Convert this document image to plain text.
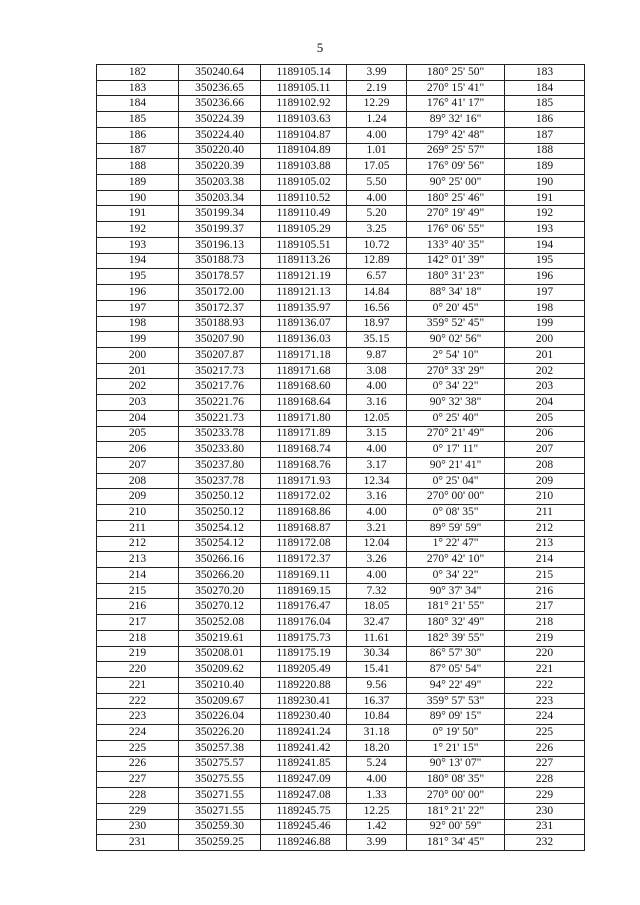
5
182	350240.64	1189105.14	3.99	180° 25' 50"	183
183	350236.65	1189105.11	2.19	270° 15' 41"	184
184	350236.66	1189102.92	12.29	176° 41' 17"	185
185	350224.39	1189103.63	1.24	89° 32' 16"	186
186	350224.40	1189104.87	4.00	179° 42' 48"	187
187	350220.40	1189104.89	1.01	269° 25' 57"	188
188	350220.39	1189103.88	17.05	176° 09' 56"	189
189	350203.38	1189105.02	5.50	90° 25' 00"	190
190	350203.34	1189110.52	4.00	180° 25' 46"	191
191	350199.34	1189110.49	5.20	270° 19' 49"	192
192	350199.37	1189105.29	3.25	176° 06' 55"	193
193	350196.13	1189105.51	10.72	133° 40' 35"	194
194	350188.73	1189113.26	12.89	142° 01' 39"	195
195	350178.57	1189121.19	6.57	180° 31' 23"	196
196	350172.00	1189121.13	14.84	88° 34' 18"	197
197	350172.37	1189135.97	16.56	0° 20' 45"	198
198	350188.93	1189136.07	18.97	359° 52' 45"	199
199	350207.90	1189136.03	35.15	90° 02' 56"	200
200	350207.87	1189171.18	9.87	2° 54' 10"	201
201	350217.73	1189171.68	3.08	270° 33' 29"	202
202	350217.76	1189168.60	4.00	0° 34' 22"	203
203	350221.76	1189168.64	3.16	90° 32' 38"	204
204	350221.73	1189171.80	12.05	0° 25' 40"	205
205	350233.78	1189171.89	3.15	270° 21' 49"	206
206	350233.80	1189168.74	4.00	0° 17' 11"	207
207	350237.80	1189168.76	3.17	90° 21' 41"	208
208	350237.78	1189171.93	12.34	0° 25' 04"	209
209	350250.12	1189172.02	3.16	270° 00' 00"	210
210	350250.12	1189168.86	4.00	0° 08' 35"	211
211	350254.12	1189168.87	3.21	89° 59' 59"	212
212	350254.12	1189172.08	12.04	1° 22' 47"	213
213	350266.16	1189172.37	3.26	270° 42' 10"	214
214	350266.20	1189169.11	4.00	0° 34' 22"	215
215	350270.20	1189169.15	7.32	90° 37' 34"	216
216	350270.12	1189176.47	18.05	181° 21' 55"	217
217	350252.08	1189176.04	32.47	180° 32' 49"	218
218	350219.61	1189175.73	11.61	182° 39' 55"	219
219	350208.01	1189175.19	30.34	86° 57' 30"	220
220	350209.62	1189205.49	15.41	87° 05' 54"	221
221	350210.40	1189220.88	9.56	94° 22' 49"	222
222	350209.67	1189230.41	16.37	359° 57' 53"	223
223	350226.04	1189230.40	10.84	89° 09' 15"	224
224	350226.20	1189241.24	31.18	0° 19' 50"	225
225	350257.38	1189241.42	18.20	1° 21' 15"	226
226	350275.57	1189241.85	5.24	90° 13' 07"	227
227	350275.55	1189247.09	4.00	180° 08' 35"	228
228	350271.55	1189247.08	1.33	270° 00' 00"	229
229	350271.55	1189245.75	12.25	181° 21' 22"	230
230	350259.30	1189245.46	1.42	92° 00' 59"	231
231	350259.25	1189246.88	3.99	181° 34' 45"	232
